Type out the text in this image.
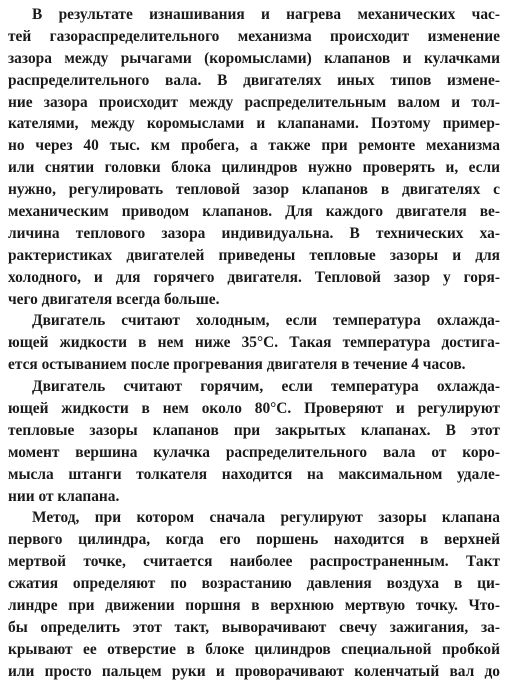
В результате изнашивания и нагрева механических час-
тей газораспределительного механизма происходит изменение
зазора между рычагами (коромыслами) клапанов и кулачками
распределительного вала. В двигателях иных типов измене-
ние зазора происходит между распределительным валом и тол-
кателями, между коромыслами и клапанами. Поэтому пример-
но через 40 тыс. км пробега, а также при ремонте механизма
или снятии головки блока цилиндров нужно проверять и, если
нужно, регулировать тепловой зазор клапанов в двигателях с
механическим приводом клапанов. Для каждого двигателя ве-
личина теплового зазора индивидуальна. В технических ха-
рактеристиках двигателей приведены тепловые зазоры и для
холодного, и для горячего двигателя. Тепловой зазор у горя-
чего двигателя всегда больше.
Двигатель считают холодным, если температура охлажда-
ющей жидкости в нем ниже 35°С. Такая температура достига-
ется остыванием после прогревания двигателя в течение 4 часов.
Двигатель считают горячим, если температура охлажда-
ющей жидкости в нем около 80°С. Проверяют и регулируют
тепловые зазоры клапанов при закрытых клапанах. В этот
момент вершина кулачка распределительного вала от коро-
мысла штанги толкателя находится на максимальном удале-
нии от клапана.
Метод, при котором сначала регулируют зазоры клапана
первого цилиндра, когда его поршень находится в верхней
мертвой точке, считается наиболее распространенным. Такт
сжатия определяют по возрастанию давления воздуха в ци-
линдре при движении поршня в верхнюю мертвую точку. Что-
бы определить этот такт, выворачивают свечу зажигания, за-
крывают ее отверстие в блоке цилиндров специальной пробкой
или просто пальцем руки и проворачивают коленчатый вал до
